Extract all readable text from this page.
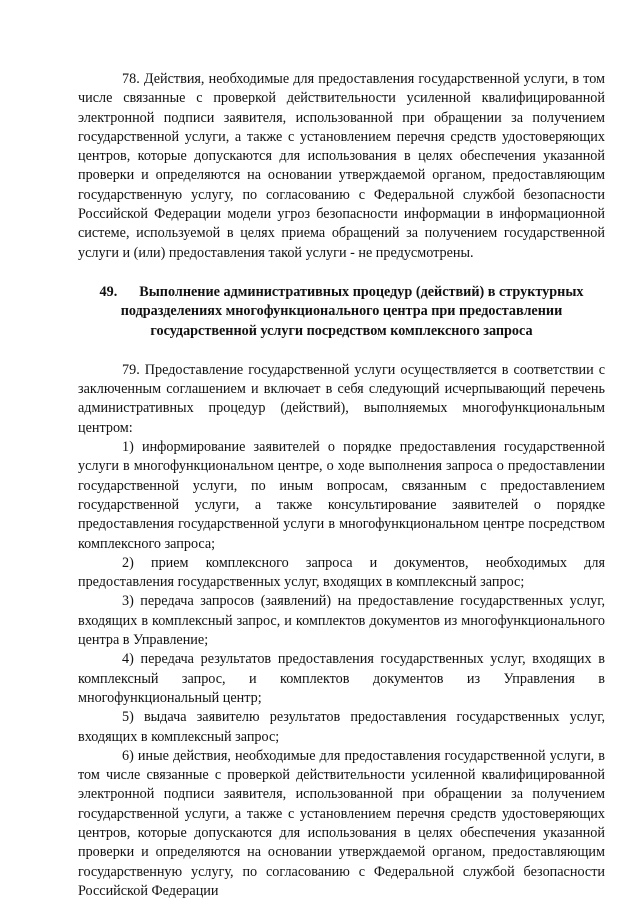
78. Действия, необходимые для предоставления государственной услуги, в том числе связанные с проверкой действительности усиленной квалифицированной электронной подписи заявителя, использованной при обращении за получением государственной услуги, а также с установлением перечня средств удостоверяющих центров, которые допускаются для использования в целях обеспечения указанной проверки и определяются на основании утверждаемой органом, предоставляющим государственную услугу, по согласованию с Федеральной службой безопасности Российской Федерации модели угроз безопасности информации в информационной системе, используемой в целях приема обращений за получением государственной услуги и (или) предоставления такой услуги - не предусмотрены.

49. Выполнение административных процедур (действий) в структурных подразделениях многофункционального центра при предоставлении государственной услуги посредством комплексного запроса

79. Предоставление государственной услуги осуществляется в соответствии с заключенным соглашением и включает в себя следующий исчерпывающий перечень административных процедур (действий), выполняемых многофункциональным центром:

1) информирование заявителей о порядке предоставления государственной услуги в многофункциональном центре, о ходе выполнения запроса о предоставлении государственной услуги, по иным вопросам, связанным с предоставлением государственной услуги, а также консультирование заявителей о порядке предоставления государственной услуги в многофункциональном центре посредством комплексного запроса;

2) прием комплексного запроса и документов, необходимых для предоставления государственных услуг, входящих в комплексный запрос;

3) передача запросов (заявлений) на предоставление государственных услуг, входящих в комплексный запрос, и комплектов документов из многофункционального центра в Управление;

4) передача результатов предоставления государственных услуг, входящих в комплексный запрос, и комплектов документов из Управления в многофункциональный центр;

5) выдача заявителю результатов предоставления государственных услуг, входящих в комплексный запрос;

6) иные действия, необходимые для предоставления государственной услуги, в том числе связанные с проверкой действительности усиленной квалифицированной электронной подписи заявителя, использованной при обращении за получением государственной услуги, а также с установлением перечня средств удостоверяющих центров, которые допускаются для использования в целях обеспечения указанной проверки и определяются на основании утверждаемой органом, предоставляющим государственную услугу, по согласованию с Федеральной службой безопасности Российской Федерации
